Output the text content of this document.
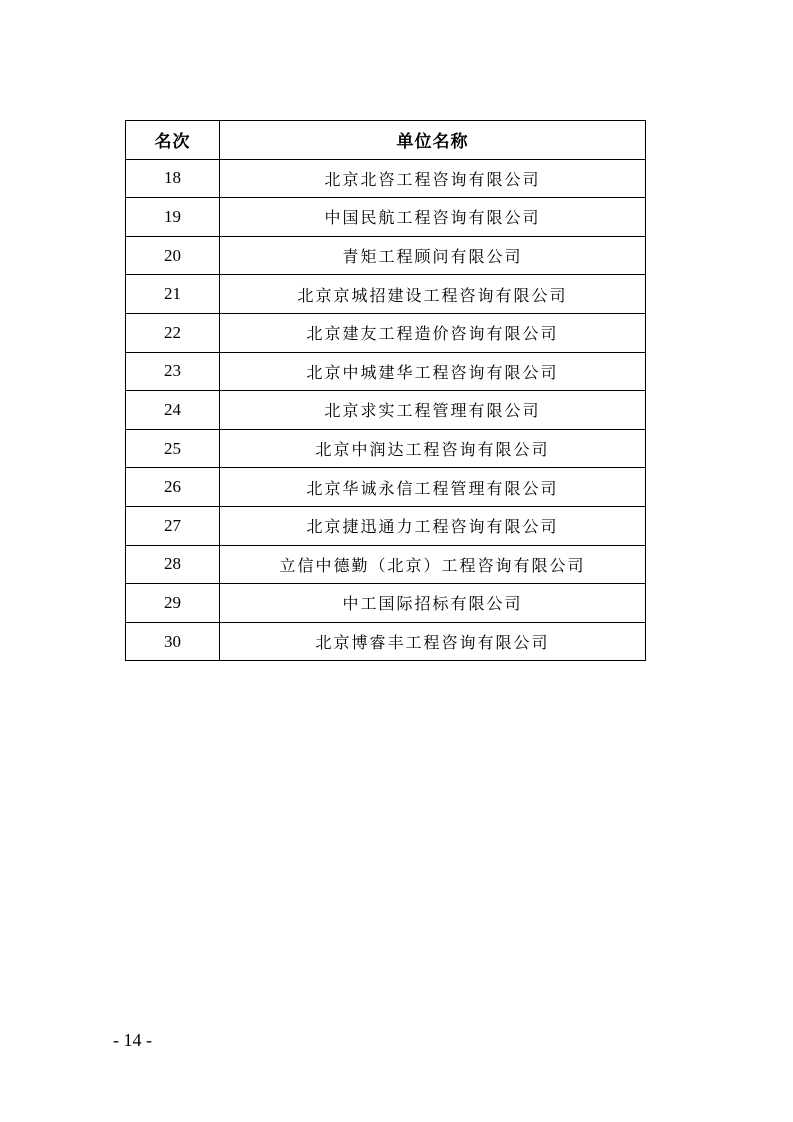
名次	单位名称
18	北京北咨工程咨询有限公司
19	中国民航工程咨询有限公司
20	青矩工程顾问有限公司
21	北京京城招建设工程咨询有限公司
22	北京建友工程造价咨询有限公司
23	北京中城建华工程咨询有限公司
24	北京求实工程管理有限公司
25	北京中润达工程咨询有限公司
26	北京华诚永信工程管理有限公司
27	北京捷迅通力工程咨询有限公司
28	立信中德勤（北京）工程咨询有限公司
29	中工国际招标有限公司
30	北京博睿丰工程咨询有限公司
- 14 -
